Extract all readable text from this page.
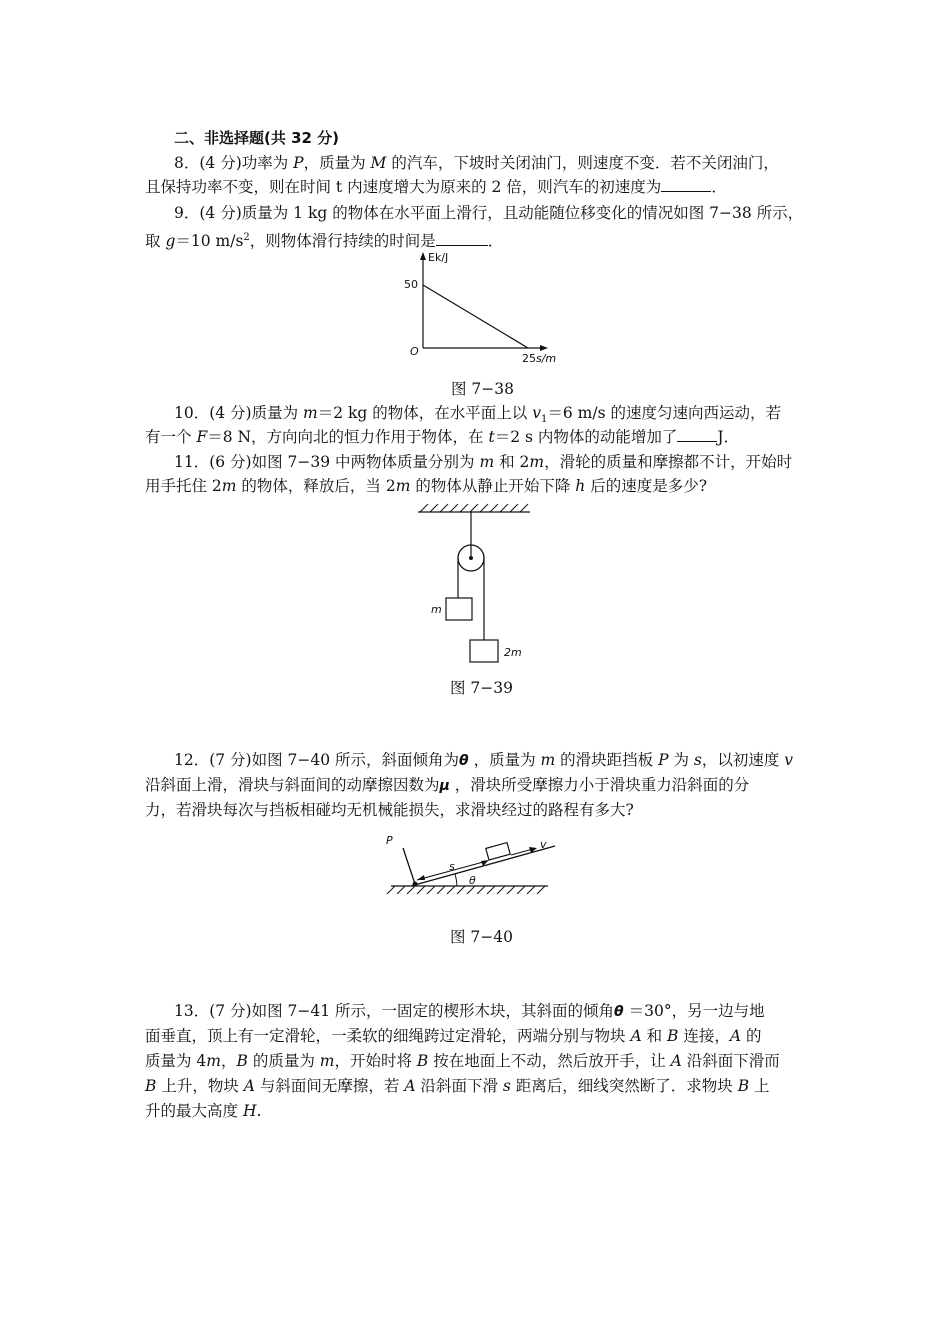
二、非选择题(共 32 分)
8．(4 分)功率为 P，质量为 M 的汽车，下坡时关闭油门，则速度不变．若不关闭油门，
且保持功率不变，则在时间 t 内速度增大为原来的 2 倍，则汽车的初速度为	．
9．(4 分)质量为 1 kg 的物体在水平面上滑行，且动能随位移变化的情况如图 7−38 所示，
取 g＝10 $m/s^2$，则物体滑行持续的时间是	．
Ek/J
50
O
25 s/m
图 7−38
10．(4 分)质量为 m＝2 kg 的物体，在水平面上以 $v_1=6$ m/s 的速度匀速向西运动，若
有一个 F＝8 N，方向向北的恒力作用于物体，在 t＝2 s 内物体的动能增加了	J．
11．(6 分)如图 7−39 中两物体质量分别为 m 和 2m，滑轮的质量和摩擦都不计，开始时
用手托住 2m 的物体，释放后，当 2m 的物体从静止开始下降 h 后的速度是多少?
m
2m
图 7−39
12．(7 分)如图 7−40 所示，斜面倾角为θ ，质量为 m 的滑块距挡板 P 为 s，以初速度 v
沿斜面上滑，滑块与斜面间的动摩擦因数为μ ，滑块所受摩擦力小于滑块重力沿斜面的分
力，若滑块每次与挡板相碰均无机械能损失，求滑块经过的路程有多大?
P
s
v
θ
图 7−40
13．(7 分)如图 7−41 所示，一固定的楔形木块，其斜面的倾角θ ＝30°，另一边与地
面垂直，顶上有一定滑轮，一柔软的细绳跨过定滑轮，两端分别与物块 A 和 B 连接，A 的
质量为 4m，B 的质量为 m，开始时将 B 按在地面上不动，然后放开手，让 A 沿斜面下滑而
B 上升，物块 A 与斜面间无摩擦，若 A 沿斜面下滑 s 距离后，细线突然断了．求物块 B 上
升的最大高度 H.
